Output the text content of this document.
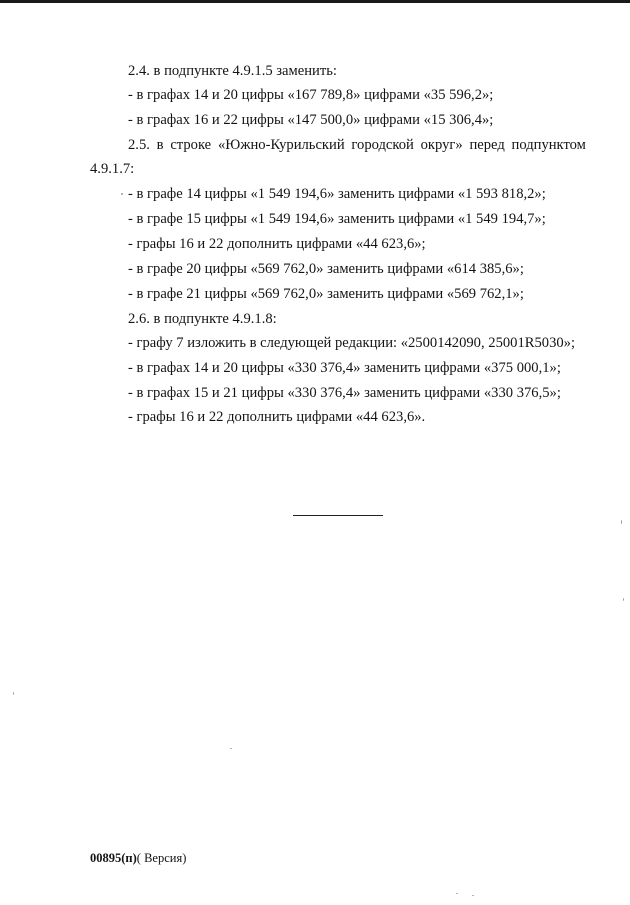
2.4. в подпункте 4.9.1.5 заменить:
- в графах 14 и 20 цифры «167 789,8» цифрами «35 596,2»;
- в графах 16 и 22 цифры «147 500,0» цифрами «15 306,4»;
2.5. в строке «Южно-Курильский городской округ» перед подпунктом
4.9.1.7:
- в графе 14 цифры «1 549 194,6» заменить цифрами «1 593 818,2»;
- в графе 15 цифры «1 549 194,6» заменить цифрами «1 549 194,7»;
- графы 16 и 22 дополнить цифрами «44 623,6»;
- в графе 20 цифры «569 762,0» заменить цифрами «614 385,6»;
- в графе 21 цифры «569 762,0» заменить цифрами «569 762,1»;
2.6. в подпункте 4.9.1.8:
- графу 7 изложить в следующей редакции: «2500142090, 25001R5030»;
- в графах 14 и 20 цифры «330 376,4» заменить цифрами «375 000,1»;
- в графах 15 и 21 цифры «330 376,4» заменить цифрами «330 376,5»;
- графы 16 и 22 дополнить цифрами «44 623,6».
00895(п)( Версия)
